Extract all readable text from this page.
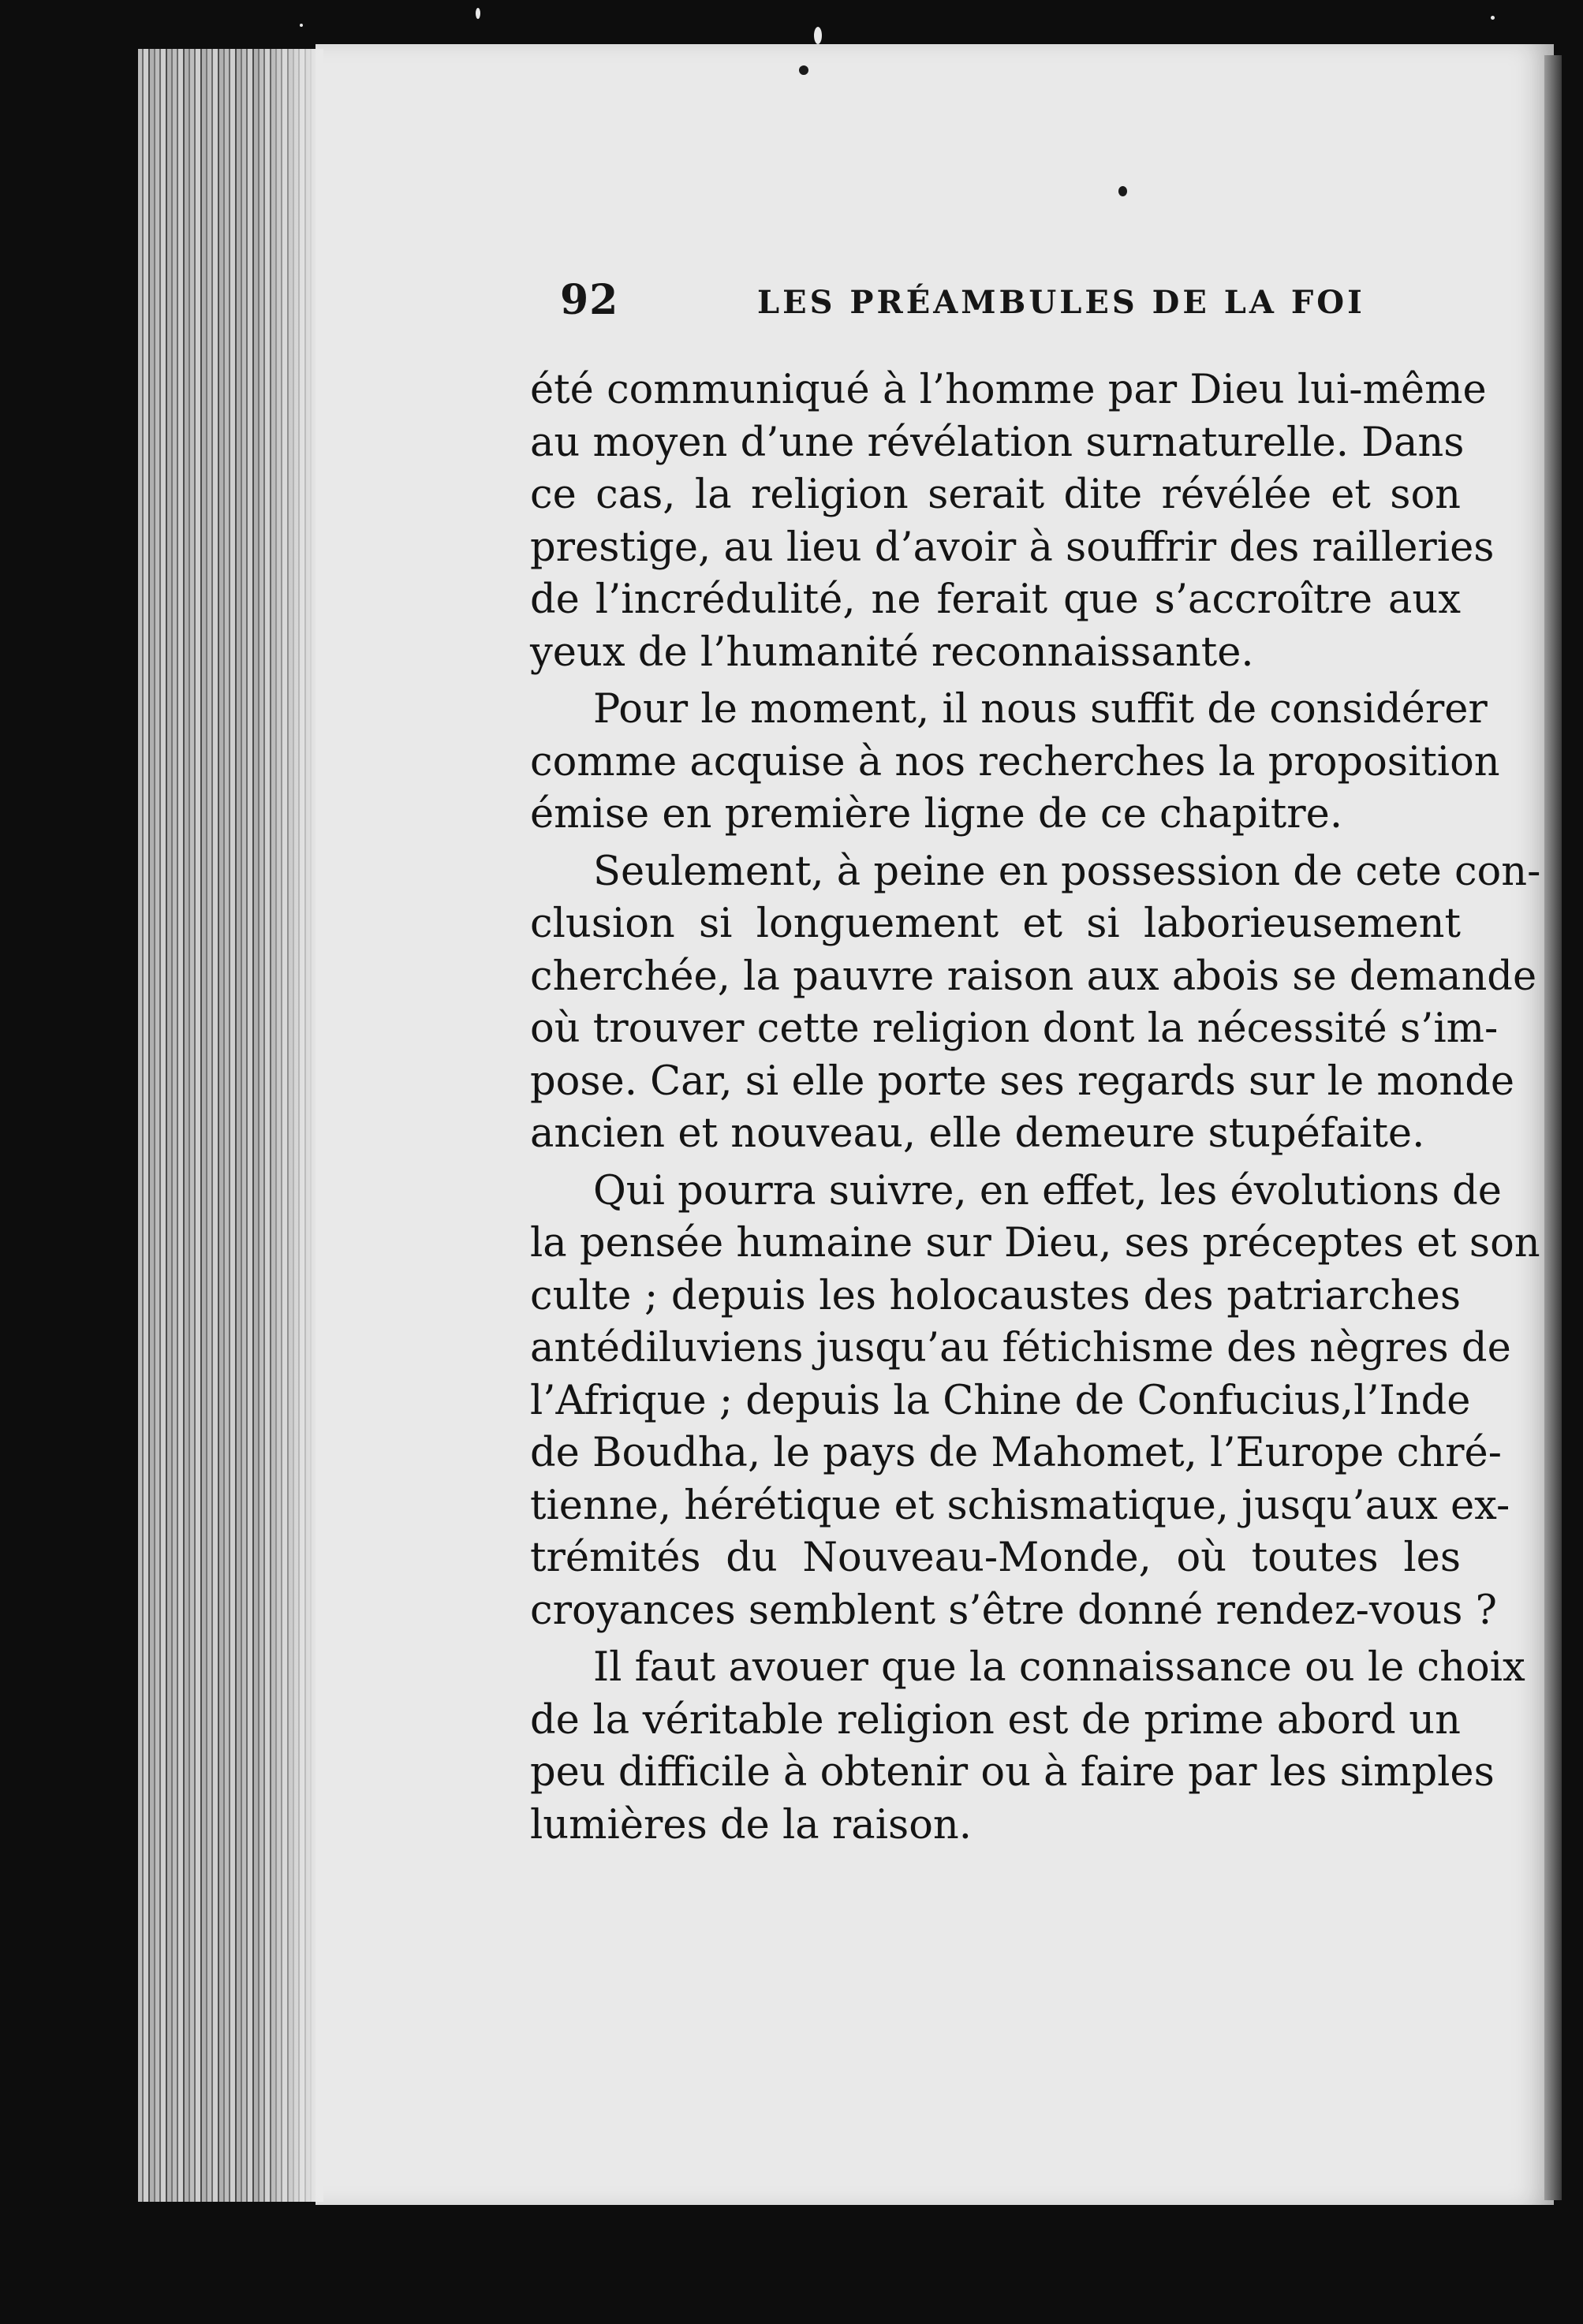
92	LES PRÉAMBULES DE LA FOI
été communiqué à l’homme par Dieu lui-même
au moyen d’une révélation surnaturelle. Dans
ce cas, la religion serait dite révélée et son
prestige, au lieu d’avoir à souffrir des railleries
de l’incrédulité, ne ferait que s’accroître aux
yeux de l’humanité reconnaissante.
Pour le moment, il nous suffit de considérer
comme acquise à nos recherches la proposition
émise en première ligne de ce chapitre.
Seulement, à peine en possession de cete con-
clusion si longuement et si laborieusement
cherchée, la pauvre raison aux abois se demande
où trouver cette religion dont la nécessité s’im-
pose. Car, si elle porte ses regards sur le monde
ancien et nouveau, elle demeure stupéfaite.
Qui pourra suivre, en effet, les évolutions de
la pensée humaine sur Dieu, ses préceptes et son
culte ; depuis les holocaustes des patriarches
antédiluviens jusqu’au fétichisme des nègres de
l’Afrique ; depuis la Chine de Confucius,l’Inde
de Boudha, le pays de Mahomet, l’Europe chré-
tienne, hérétique et schismatique, jusqu’aux ex-
trémités du Nouveau-Monde, où toutes les
croyances semblent s’être donné rendez-vous ?
Il faut avouer que la connaissance ou le choix
de la véritable religion est de prime abord un
peu difficile à obtenir ou à faire par les simples
lumières de la raison.
